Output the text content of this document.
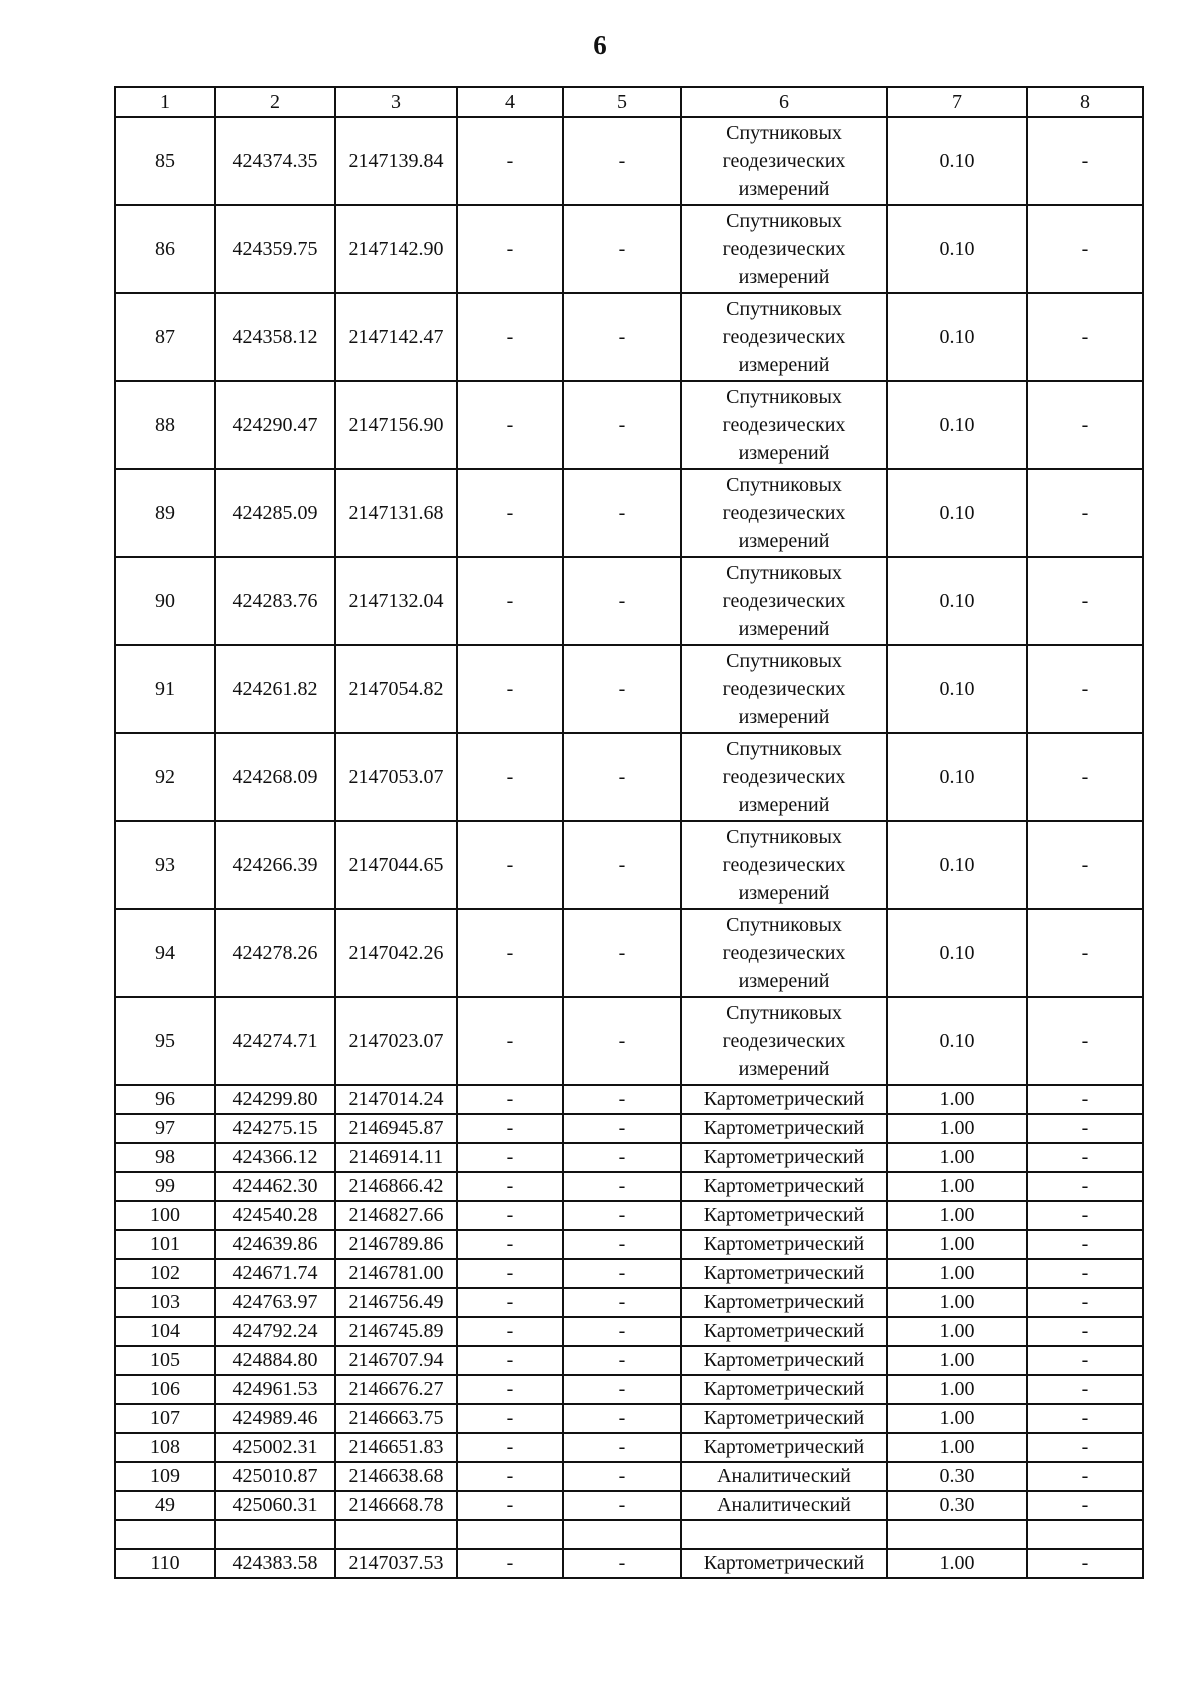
6
1	2	3	4	5	6	7	8
85	424374.35	2147139.84	-	-	Спутниковых геодезических измерений	0.10	-
86	424359.75	2147142.90	-	-	Спутниковых геодезических измерений	0.10	-
87	424358.12	2147142.47	-	-	Спутниковых геодезических измерений	0.10	-
88	424290.47	2147156.90	-	-	Спутниковых геодезических измерений	0.10	-
89	424285.09	2147131.68	-	-	Спутниковых геодезических измерений	0.10	-
90	424283.76	2147132.04	-	-	Спутниковых геодезических измерений	0.10	-
91	424261.82	2147054.82	-	-	Спутниковых геодезических измерений	0.10	-
92	424268.09	2147053.07	-	-	Спутниковых геодезических измерений	0.10	-
93	424266.39	2147044.65	-	-	Спутниковых геодезических измерений	0.10	-
94	424278.26	2147042.26	-	-	Спутниковых геодезических измерений	0.10	-
95	424274.71	2147023.07	-	-	Спутниковых геодезических измерений	0.10	-
96	424299.80	2147014.24	-	-	Картометрический	1.00	-
97	424275.15	2146945.87	-	-	Картометрический	1.00	-
98	424366.12	2146914.11	-	-	Картометрический	1.00	-
99	424462.30	2146866.42	-	-	Картометрический	1.00	-
100	424540.28	2146827.66	-	-	Картометрический	1.00	-
101	424639.86	2146789.86	-	-	Картометрический	1.00	-
102	424671.74	2146781.00	-	-	Картометрический	1.00	-
103	424763.97	2146756.49	-	-	Картометрический	1.00	-
104	424792.24	2146745.89	-	-	Картометрический	1.00	-
105	424884.80	2146707.94	-	-	Картометрический	1.00	-
106	424961.53	2146676.27	-	-	Картометрический	1.00	-
107	424989.46	2146663.75	-	-	Картометрический	1.00	-
108	425002.31	2146651.83	-	-	Картометрический	1.00	-
109	425010.87	2146638.68	-	-	Аналитический	0.30	-
49	425060.31	2146668.78	-	-	Аналитический	0.30	-

110	424383.58	2147037.53	-	-	Картометрический	1.00	-
